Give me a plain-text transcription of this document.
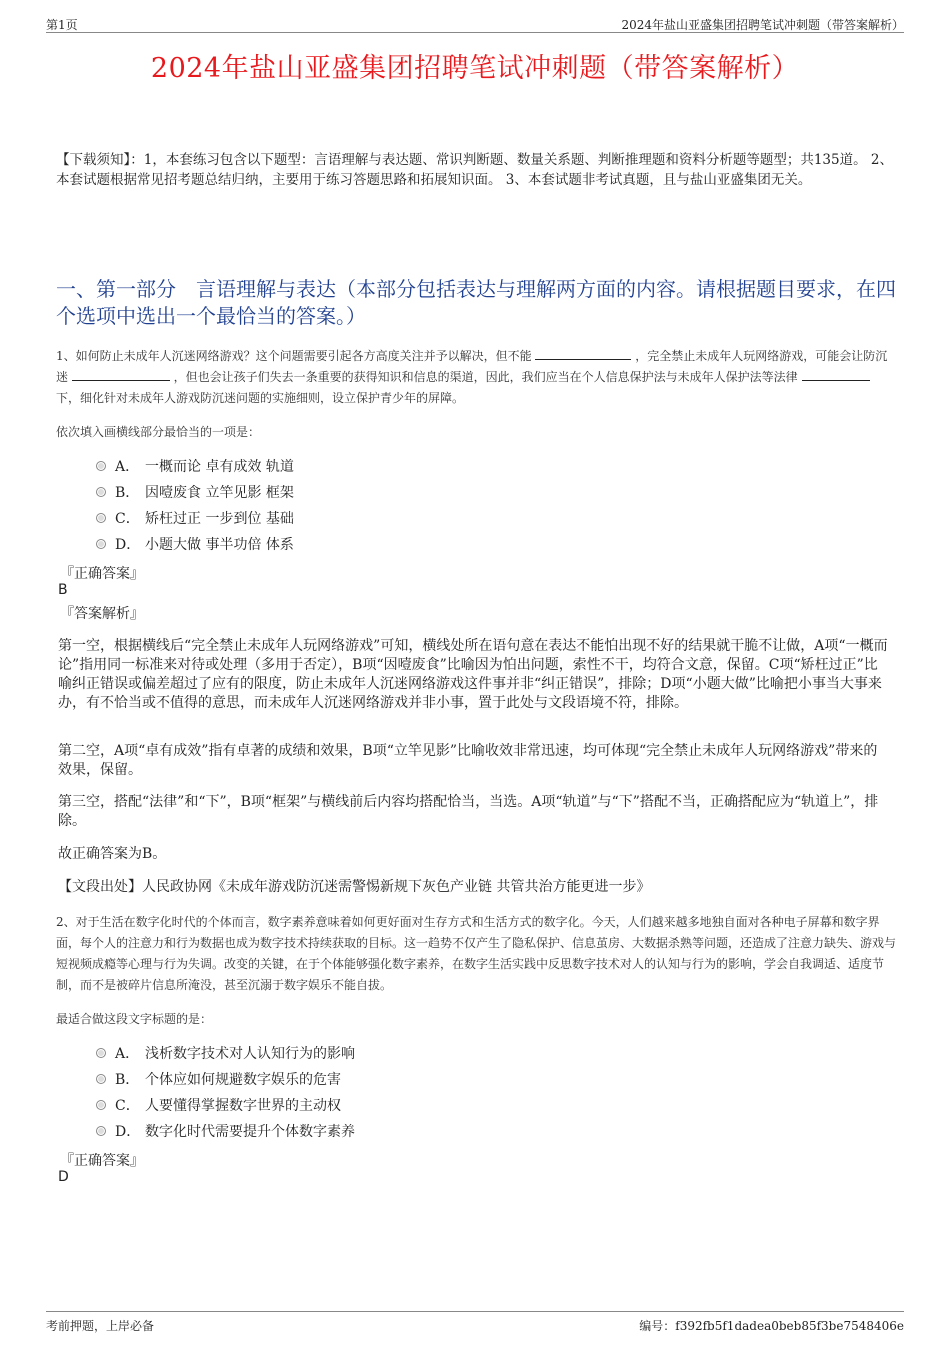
第1页	2024年盐山亚盛集团招聘笔试冲刺题（带答案解析）
2024年盐山亚盛集团招聘笔试冲刺题（带答案解析）
【下载须知】：1，本套练习包含以下题型：言语理解与表达题、常识判断题、数量关系题、判断推理题和资料分析题等题型；共135道。 2、本套试题根据常见招考题总结归纳，主要用于练习答题思路和拓展知识面。 3、本套试题非考试真题，且与盐山亚盛集团无关。
一、第一部分　言语理解与表达（本部分包括表达与理解两方面的内容。请根据题目要求，在四个选项中选出一个最恰当的答案。）
1、如何防止未成年人沉迷网络游戏？这个问题需要引起各方高度关注并予以解决，但不能	，完全禁止未成年人玩网络游戏，可能会让防沉迷	，但也会让孩子们失去一条重要的获得知识和信息的渠道，因此，我们应当在个人信息保护法与未成年人保护法等法律  下，细化针对未成年人游戏防沉迷问题的实施细则，设立保护青少年的屏障。
依次填入画横线部分最恰当的一项是：
A． 一概而论 卓有成效 轨道
B． 因噎废食 立竿见影 框架
C． 矫枉过正 一步到位 基础
D． 小题大做 事半功倍 体系
『正确答案』
B
『答案解析』
第一空，根据横线后“完全禁止未成年人玩网络游戏”可知，横线处所在语句意在表达不能怕出现不好的结果就干脆不让做，A项“一概而论”指用同一标准来对待或处理（多用于否定），B项“因噎废食”比喻因为怕出问题，索性不干，均符合文意，保留。C项“矫枉过正”比喻纠正错误或偏差超过了应有的限度，防止未成年人沉迷网络游戏这件事并非“纠正错误”，排除；D项“小题大做”比喻把小事当大事来办，有不恰当或不值得的意思，而未成年人沉迷网络游戏并非小事，置于此处与文段语境不符，排除。
第二空，A项“卓有成效”指有卓著的成绩和效果，B项“立竿见影”比喻收效非常迅速，均可体现“完全禁止未成年人玩网络游戏”带来的效果，保留。
第三空，搭配“法律”和“下”，B项“框架”与横线前后内容均搭配恰当，当选。A项“轨道”与“下”搭配不当，正确搭配应为“轨道上”，排除。
故正确答案为B。
【文段出处】人民政协网《未成年游戏防沉迷需警惕新规下灰色产业链 共管共治方能更进一步》
2、对于生活在数字化时代的个体而言，数字素养意味着如何更好面对生存方式和生活方式的数字化。今天，人们越来越多地独自面对各种电子屏幕和数字界面，每个人的注意力和行为数据也成为数字技术持续获取的目标。这一趋势不仅产生了隐私保护、信息茧房、大数据杀熟等问题，还造成了注意力缺失、游戏与短视频成瘾等心理与行为失调。改变的关键，在于个体能够强化数字素养，在数字生活实践中反思数字技术对人的认知与行为的影响，学会自我调适、适度节制，而不是被碎片信息所淹没，甚至沉溺于数字娱乐不能自拔。
最适合做这段文字标题的是：
A． 浅析数字技术对人认知行为的影响
B． 个体应如何规避数字娱乐的危害
C． 人要懂得掌握数字世界的主动权
D． 数字化时代需要提升个体数字素养
『正确答案』
D
考前押题，上岸必备	编号：f392fb5f1dadea0beb85f3be7548406e
